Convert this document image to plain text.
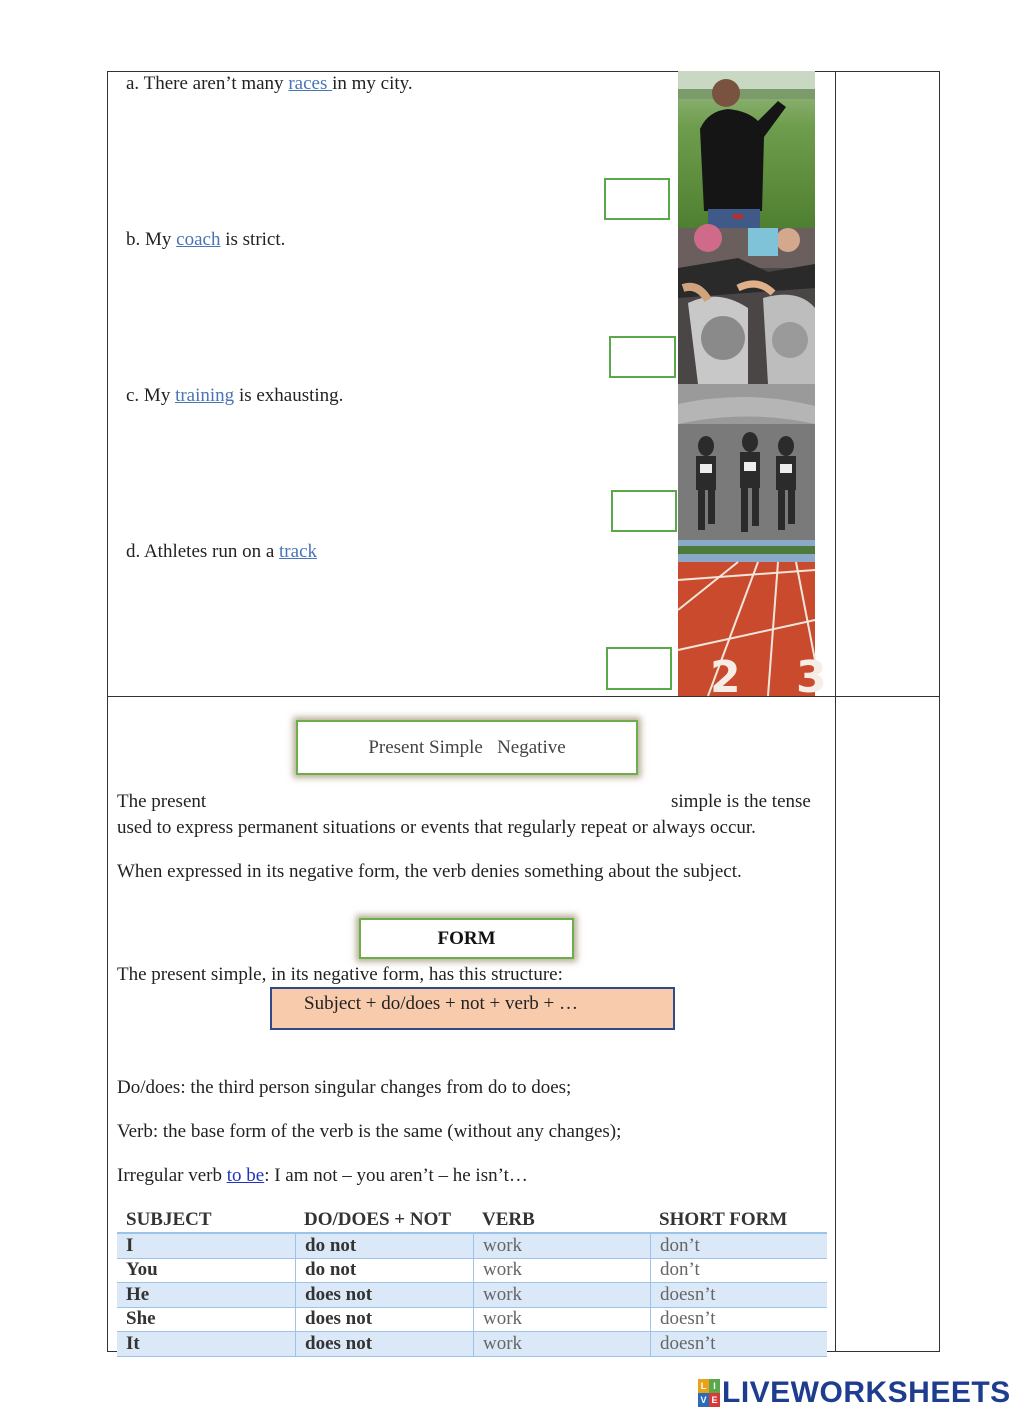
a. There aren’t many races in my city.
b. My coach is strict.
c. My training is exhausting.
d. Athletes run on a track
2 3
Present Simple   Negative
The present	simple is the tense
used to express permanent situations or events that regularly repeat or always occur.
When expressed in its negative form, the verb denies something about the subject.
FORM
The present simple, in its negative form, has this structure:
Subject + do/does + not + verb + …
Do/does: the third person singular changes from do to does;
Verb: the base form of the verb is the same (without any changes);
Irregular verb to be: I am not – you aren’t – he isn’t…
SUBJECT	DO/DOES + NOT	VERB	SHORT FORM
I	do not	work	don’t
You	do not	work	don’t
He	does not	work	doesn’t
She	does not	work	doesn’t
It	does not	work	doesn’t
L I
V E LIVEWORKSHEETS
